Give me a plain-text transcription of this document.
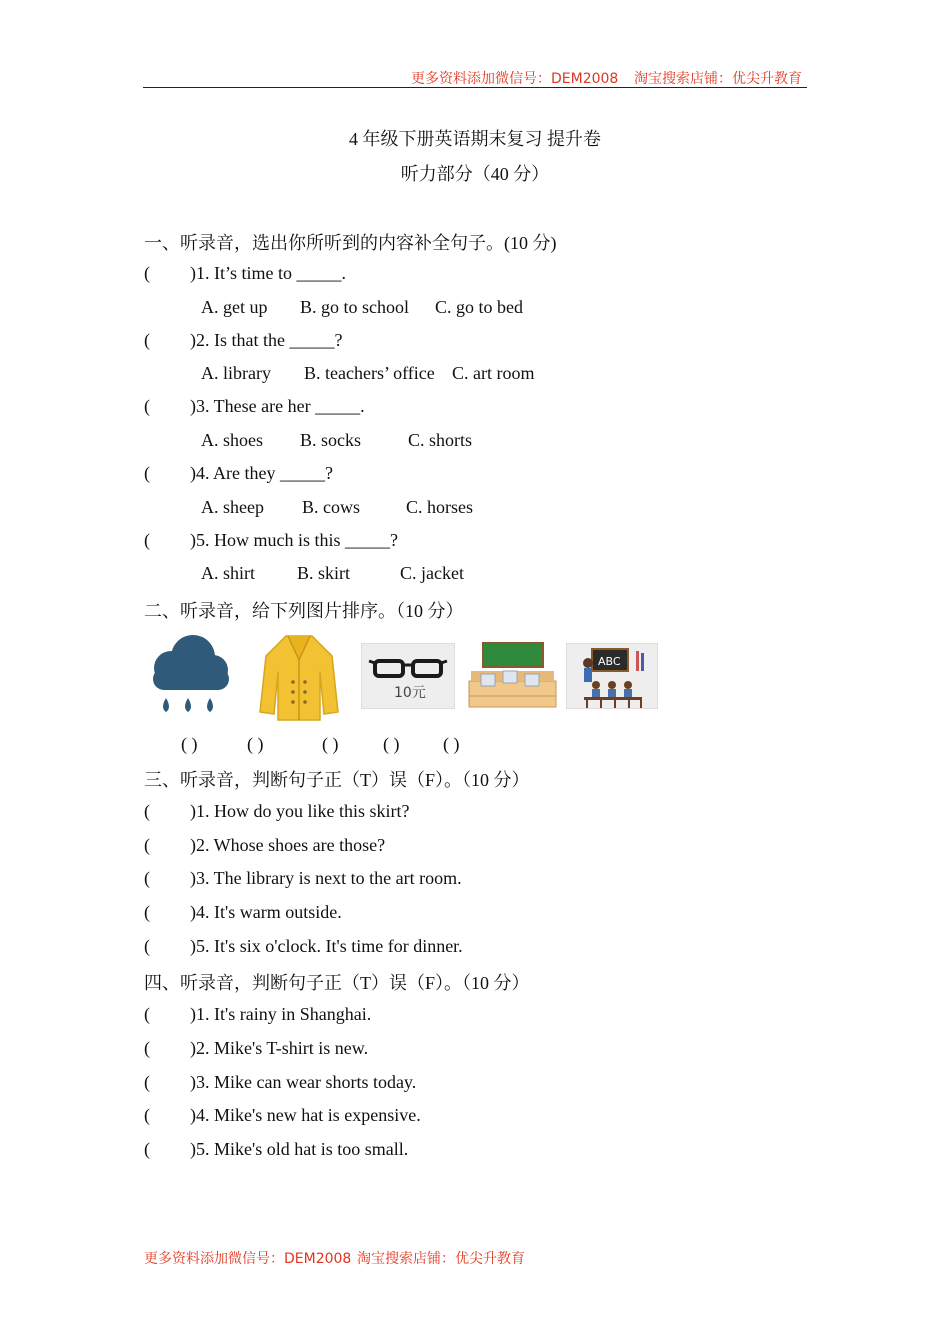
更多资料添加微信号：DEM2008 淘宝搜索店铺：优尖升教育
4 年级下册英语期末复习 提升卷
听力部分（40 分）
一、听录音，选出你所听到的内容补全句子。(10 分)
( )1. It’s time to _____.
A. get up B. go to school C. go to bed
( )2. Is that the _____?
A. library B. teachers’ office C. art room
( )3. These are her _____.
A. shoes B. socks	C. shorts
( )4. Are they _____?
A. sheep B. cows	C. horses
( )5. How much is this _____?
A. shirt B. skirt	C. jacket
二、听录音，给下列图片排序。（10 分）
10元
ABC
( )	( )	( ) ( ) ( )
三、听录音，判断句子正（T）误（F）。（10 分）
( )1. How do you like this skirt?
( )2. Whose shoes are those?
( )3. The library is next to the art room.
( )4. It's warm outside.
( )5. It's six o'clock. It's time for dinner.
四、听录音，判断句子正（T）误（F）。（10 分）
( )1. It's rainy in Shanghai.
( )2. Mike's T-shirt is new.
( )3. Mike can wear shorts today.
( )4. Mike's new hat is expensive.
( )5. Mike's old hat is too small.
更多资料添加微信号：DEM2008 淘宝搜索店铺：优尖升教育
